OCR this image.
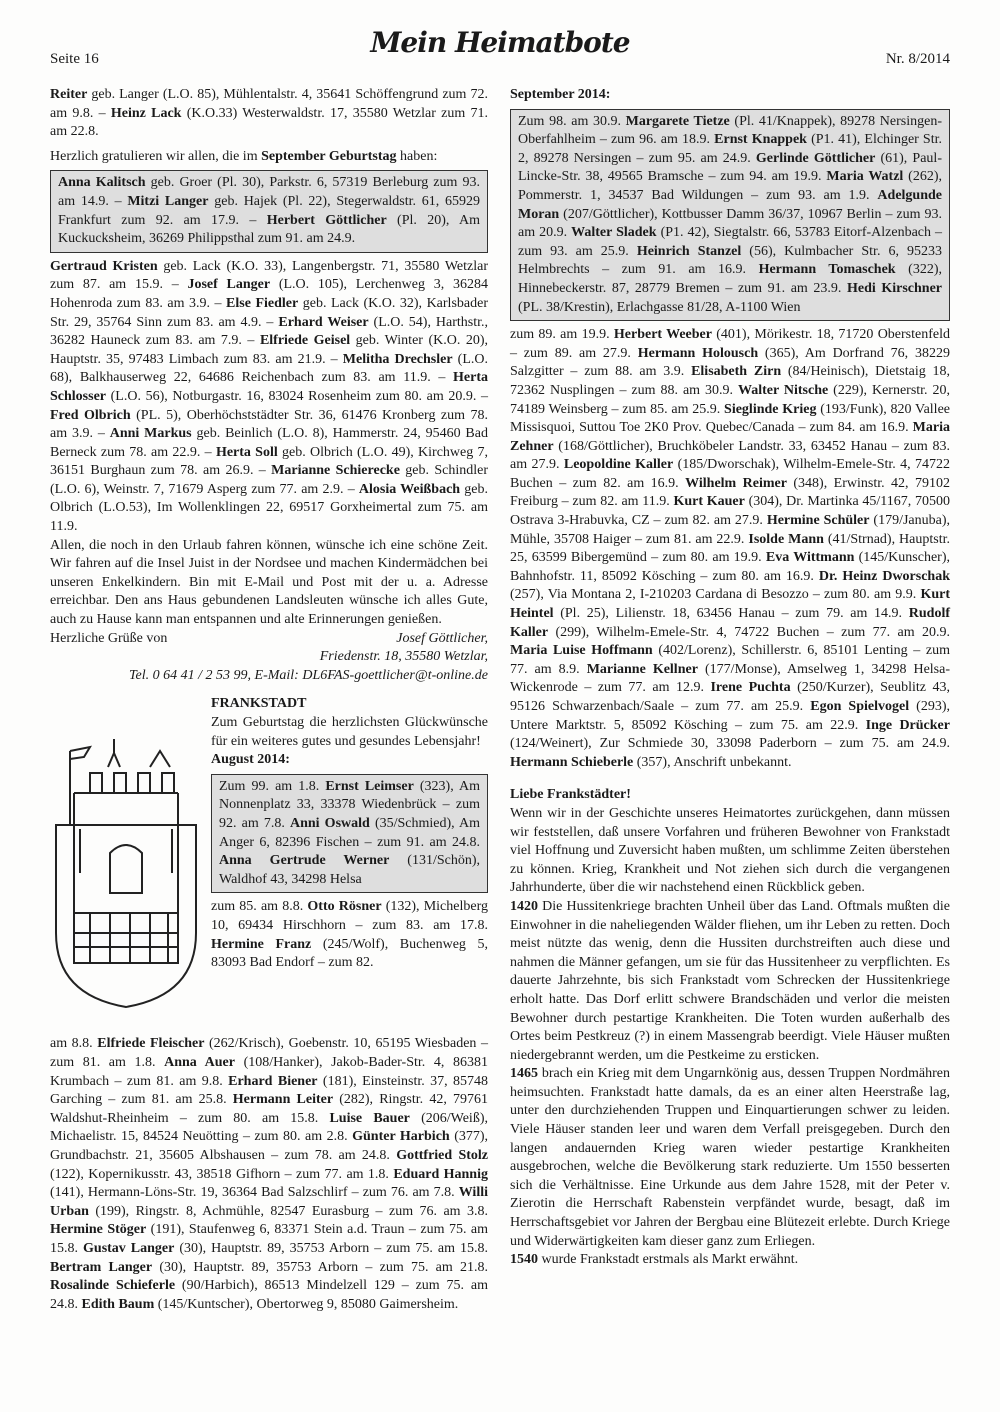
Seite 16	Mein Heimatbote	Nr. 8/2014

Reiter geb. Langer (L.O. 85), Mühlentalstr. 4, 35641 Schöffengrund zum 72. am 9.8. – Heinz Lack (K.O.33) Westerwaldstr. 17, 35580 Wetzlar zum 71. am 22.8.

Herzlich gratulieren wir allen, die im September Geburtstag haben:

Anna Kalitsch geb. Groer (Pl. 30), Parkstr. 6, 57319 Berleburg zum 93. am 14.9. – Mitzi Langer geb. Hajek (Pl. 22), Stegerwaldstr. 61, 65929 Frankfurt zum 92. am 17.9. – Herbert Göttlicher (Pl. 20), Am Kuckucksheim, 36269 Philippsthal zum 91. am 24.9.

Gertraud Kristen geb. Lack (K.O. 33), Langenbergstr. 71, 35580 Wetzlar zum 87. am 15.9. – Josef Langer (L.O. 105), Lerchenweg 3, 36284 Hohenroda zum 83. am 3.9. – Else Fiedler geb. Lack (K.O. 32), Karlsbader Str. 29, 35764 Sinn zum 83. am 4.9. – Erhard Weiser (L.O. 54), Harthstr., 36282 Hauneck zum 83. am 7.9. – Elfriede Geisel geb. Winter (K.O. 20), Hauptstr. 35, 97483 Limbach zum 83. am 21.9. – Melitha Drechsler (L.O. 68), Balkhauserweg 22, 64686 Reichenbach zum 83. am 11.9. – Herta Schlosser (L.O. 56), Notburgastr. 16, 83024 Rosenheim zum 80. am 20.9. – Fred Olbrich (PL. 5), Oberhöchststädter Str. 36, 61476 Kronberg zum 78. am 3.9. – Anni Markus geb. Beinlich (L.O. 8), Hammerstr. 24, 95460 Bad Berneck zum 78. am 22.9. – Herta Soll geb. Olbrich (L.O. 49), Kirchweg 7, 36151 Burghaun zum 78. am 26.9. – Marianne Schierecke geb. Schindler (L.O. 6), Weinstr. 7, 71679 Asperg zum 77. am 2.9. – Alosia Weißbach geb. Olbrich (L.O.53), Im Wollenklingen 22, 69517 Gorxheimertal zum 75. am 11.9.

Allen, die noch in den Urlaub fahren können, wünsche ich eine schöne Zeit. Wir fahren auf die Insel Juist in der Nordsee und machen Kindermädchen bei unseren Enkelkindern. Bin mit E-Mail und Post mit der u. a. Adresse erreichbar. Den ans Haus gebundenen Landsleuten wünsche ich alles Gute, auch zu Hause kann man entspannen und alte Erinnerungen genießen.

Herzliche Grüße von	Josef Göttlicher,

Friedenstr. 18, 35580 Wetzlar,

Tel. 0 64 41 / 2 53 99, E-Mail: DL6FAS-goettlicher@t-online.de

FRANKSTADT

Zum Geburtstag die herzlichsten Glückwünsche für ein weiteres gutes und gesundes Lebensjahr!

August 2014:

Zum 99. am 1.8. Ernst Leimser (323), Am Nonnenplatz 33, 33378 Wiedenbrück – zum 92. am 7.8. Anni Oswald (35/Schmied), Am Anger 6, 82396 Fischen – zum 91. am 24.8. Anna Gertrude Werner (131/Schön), Waldhof 43, 34298 Helsa

zum 85. am 8.8. Otto Rösner (132), Michelberg 10, 69434 Hirschhorn – zum 83. am 17.8. Hermine Franz (245/Wolf), Buchenweg 5, 83093 Bad Endorf – zum 82.

am 8.8. Elfriede Fleischer (262/Krisch), Goebenstr. 10, 65195 Wiesbaden – zum 81. am 1.8. Anna Auer (108/Hanker), Jakob-Bader-Str. 4, 86381 Krumbach – zum 81. am 9.8. Erhard Biener (181), Einsteinstr. 37, 85748 Garching – zum 81. am 25.8. Hermann Leiter (282), Ringstr. 42, 79761 Waldshut-Rheinheim – zum 80. am 15.8. Luise Bauer (206/Weiß), Michaelistr. 15, 84524 Neuötting – zum 80. am 2.8. Günter Harbich (377), Grundbachstr. 21, 35605 Albshausen – zum 78. am 24.8. Gottfried Stolz (122), Kopernikusstr. 43, 38518 Gifhorn – zum 77. am 1.8. Eduard Hannig (141), Hermann-Löns-Str. 19, 36364 Bad Salzschlirf – zum 76. am 7.8. Willi Urban (199), Ringstr. 8, Achmühle, 82547 Eurasburg – zum 76. am 3.8. Hermine Stöger (191), Staufenweg 6, 83371 Stein a.d. Traun – zum 75. am 15.8. Gustav Langer (30), Hauptstr. 89, 35753 Arborn – zum 75. am 15.8. Bertram Langer (30), Hauptstr. 89, 35753 Arborn – zum 75. am 21.8. Rosalinde Schieferle (90/Harbich), 86513 Mindelzell 129 – zum 75. am 24.8. Edith Baum (145/Kuntscher), Obertorweg 9, 85080 Gaimersheim.

September 2014:

Zum 98. am 30.9. Margarete Tietze (Pl. 41/Knappek), 89278 Nersingen-Oberfahlheim – zum 96. am 18.9. Ernst Knappek (P1. 41), Elchinger Str. 2, 89278 Nersingen – zum 95. am 24.9. Gerlinde Göttlicher (61), Paul-Lincke-Str. 38, 49565 Bramsche – zum 94. am 19.9. Maria Watzl (262), Pommerstr. 1, 34537 Bad Wildungen – zum 93. am 1.9. Adelgunde Moran (207/Göttlicher), Kottbusser Damm 36/37, 10967 Berlin – zum 93. am 20.9. Walter Sladek (P1. 42), Siegtalstr. 66, 53783 Eitorf-Alzenbach – zum 93. am 25.9. Heinrich Stanzel (56), Kulmbacher Str. 6, 95233 Helmbrechts – zum 91. am 16.9. Hermann Tomaschek (322), Hinnebeckerstr. 87, 28779 Bremen – zum 91. am 23.9. Hedi Kirschner (PL. 38/Krestin), Erlachgasse 81/28, A-1100 Wien

zum 89. am 19.9. Herbert Weeber (401), Mörikestr. 18, 71720 Oberstenfeld – zum 89. am 27.9. Hermann Holousch (365), Am Dorfrand 76, 38229 Salzgitter – zum 88. am 3.9. Elisabeth Zirn (84/Heinisch), Dietstaig 18, 72362 Nusplingen – zum 88. am 30.9. Walter Nitsche (229), Kernerstr. 20, 74189 Weinsberg – zum 85. am 25.9. Sieglinde Krieg (193/Funk), 820 Vallee Missisquoi, Suttou Toe 2K0 Prov. Quebec/Canada – zum 84. am 16.9. Maria Zehner (168/Göttlicher), Bruchköbeler Landstr. 33, 63452 Hanau – zum 83. am 27.9. Leopoldine Kaller (185/Dworschak), Wilhelm-Emele-Str. 4, 74722 Buchen – zum 82. am 16.9. Wilhelm Reimer (348), Erwinstr. 42, 79102 Freiburg – zum 82. am 11.9. Kurt Kauer (304), Dr. Martinka 45/1167, 70500 Ostrava 3-Hrabuvka, CZ – zum 82. am 27.9. Hermine Schüler (179/Januba), Mühle, 35708 Haiger – zum 81. am 22.9. Isolde Mann (41/Strnad), Hauptstr. 25, 63599 Bibergemünd – zum 80. am 19.9. Eva Wittmann (145/Kunscher), Bahnhofstr. 11, 85092 Kösching – zum 80. am 16.9. Dr. Heinz Dworschak (257), Via Montana 2, I-210203 Cardana di Besozzo – zum 80. am 9.9. Kurt Heintel (Pl. 25), Lilienstr. 18, 63456 Hanau – zum 79. am 14.9. Rudolf Kaller (299), Wilhelm-Emele-Str. 4, 74722 Buchen – zum 77. am 20.9. Maria Luise Hoffmann (402/Lorenz), Schillerstr. 6, 85101 Lenting – zum 77. am 8.9. Marianne Kellner (177/Monse), Amselweg 1, 34298 Helsa-Wickenrode – zum 77. am 12.9. Irene Puchta (250/Kurzer), Seublitz 43, 95126 Schwarzenbach/Saale – zum 77. am 25.9. Egon Spielvogel (293), Untere Marktstr. 5, 85092 Kösching – zum 75. am 22.9. Inge Drücker (124/Weinert), Zur Schmiede 30, 33098 Paderborn – zum 75. am 24.9. Hermann Schieberle (357), Anschrift unbekannt.

Liebe Frankstädter!

Wenn wir in der Geschichte unseres Heimatortes zurückgehen, dann müssen wir feststellen, daß unsere Vorfahren und früheren Bewohner von Frankstadt viel Hoffnung und Zuversicht haben mußten, um schlimme Zeiten überstehen zu können. Krieg, Krankheit und Not ziehen sich durch die vergangenen Jahrhunderte, über die wir nachstehend einen Rückblick geben.

1420 Die Hussitenkriege brachten Unheil über das Land. Oftmals mußten die Einwohner in die naheliegenden Wälder fliehen, um ihr Leben zu retten. Doch meist nützte das wenig, denn die Hussiten durchstreiften auch diese und nahmen die Männer gefangen, um sie für das Hussitenheer zu verpflichten. Es dauerte Jahrzehnte, bis sich Frankstadt vom Schrecken der Hussitenkriege erholt hatte. Das Dorf erlitt schwere Brandschäden und verlor die meisten Bewohner durch pestartige Krankheiten. Die Toten wurden außerhalb des Ortes beim Pestkreuz (?) in einem Massengrab beerdigt. Viele Häuser mußten niedergebrannt werden, um die Pestkeime zu ersticken.

1465 brach ein Krieg mit dem Ungarnkönig aus, dessen Truppen Nordmähren heimsuchten. Frankstadt hatte damals, da es an einer alten Heerstraße lag, unter den durchziehenden Truppen und Einquartierungen schwer zu leiden. Viele Häuser standen leer und waren dem Verfall preisgegeben. Durch den langen andauernden Krieg waren wieder pestartige Krankheiten ausgebrochen, welche die Bevölkerung stark reduzierte. Um 1550 besserten sich die Verhältnisse. Eine Urkunde aus dem Jahre 1528, mit der Peter v. Zierotin die Herrschaft Rabenstein verpfändet wurde, besagt, daß im Herrschaftsgebiet vor Jahren der Bergbau eine Blütezeit erlebte. Durch Kriege und Widerwärtigkeiten kam dieser ganz zum Erliegen.

1540 wurde Frankstadt erstmals als Markt erwähnt.
